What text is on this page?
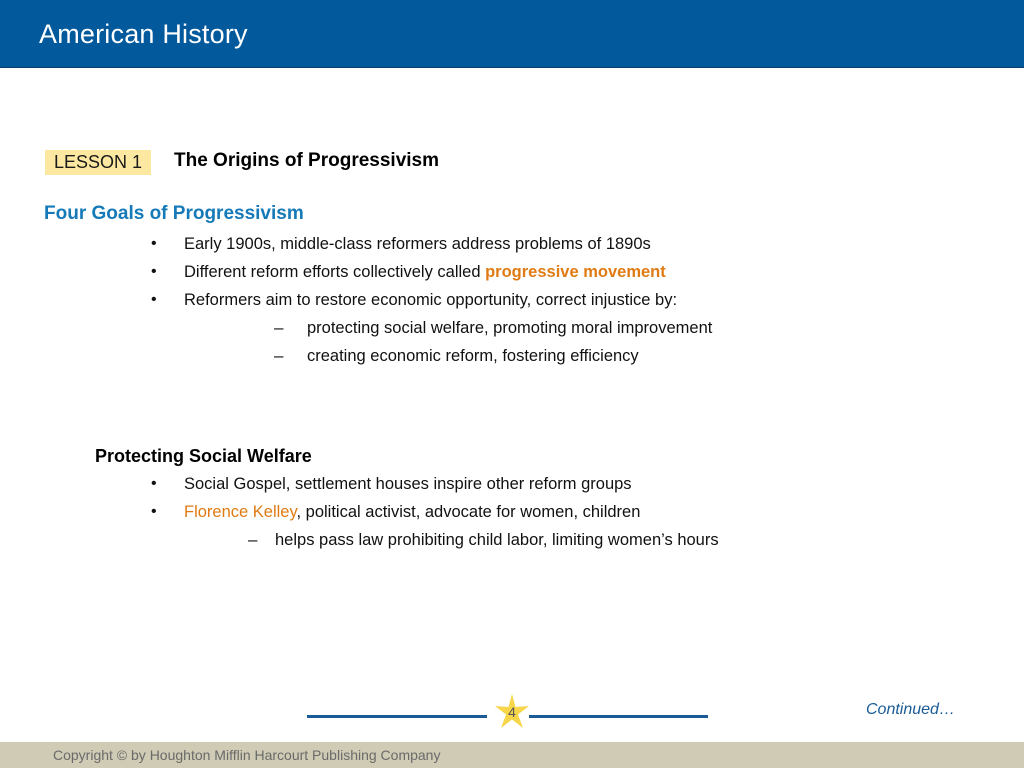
American History
LESSON 1	The Origins of Progressivism
Four Goals of Progressivism
• Early 1900s, middle-class reformers address problems of 1890s
• Different reform efforts collectively called progressive movement
• Reformers aim to restore economic opportunity, correct injustice by:
– protecting social welfare, promoting moral improvement
– creating economic reform, fostering efficiency
Protecting Social Welfare
• Social Gospel, settlement houses inspire other reform groups
• Florence Kelley, political activist, advocate for women, children
– helps pass law prohibiting child labor, limiting women’s hours
4	Continued…
Copyright © by Houghton Mifflin Harcourt Publishing Company
